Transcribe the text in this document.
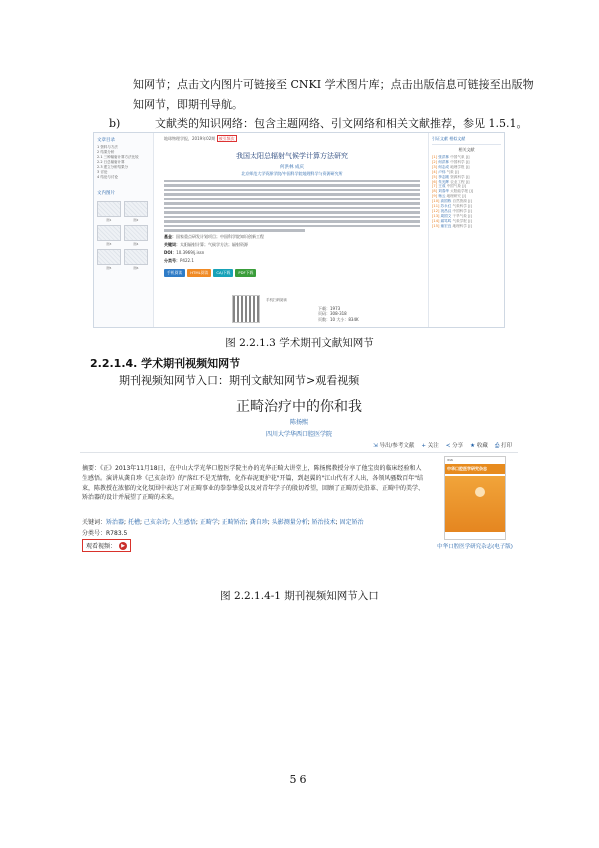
知网节；点击文内图片可链接至 CNKI 学术图片库；点击出版信息可链接至出版物
知网节，即期刊导航。
b)	文献类的知识网络：包含主题网络、引文网络和相关文献推荐，参见 1.5.1。
文章目录
1 资料与方法
2 结果分析
2.1 三种辐射计算方法比较
2.2 日总辐射计算
2.3 建立分析结果分
3 讨论
4 结论与讨论
文内图片
图1	图2
图3	图4
图5	图6
地球物理学报，2019年02期 被引频次
我国太阳总辐射气候学计算方法研究
何洪林 成庆
北京师范大学资源学院/中国科学院地理科学与资源研究所
基金：国家重点研发计划项目；中国科学院知识创新工程
关键词：太阳辐射计算；气候学方法；辐射资源
DOI：10.3969/j.issn
分类号：P422.1
手机阅读	HTML阅读	CAJ下载	PDF下载
手机扫码阅读
下载：1973
页码：308-318
页数：10 大小：834K
引证文献 相似文献
相关文献
[1] 张洪林 中国气象 [J]
[2] 何洪林 中国科学 [J]
[3] 何志成 地理学报 [J]
[4] 卢伟 气象 [J]
[5] 李志刚 资源科学 [J]
[6] 朱光辉 农业工程 [J]
[7] 王成 中国气象 [J]
[8] 刘春华 太阳能学报 [J]
[9] 杨云 地理研究 [J]
[10] 高国栋 自然资源 [J]
[11] 苏永红 气象科学 [J]
[12] 祝昌汉 中国科学 [J]
[13] 周国文 干旱气象 [J]
[14] 翁笃鸣 气象学报 [J]
[15] 童宏良 地理科学 [J]
图 2.2.1.3 学术期刊文献知网节
2.2.1.4. 学术期刊视频知网节
期刊视频知网节入口：期刊文献知网节>观看视频
正畸治疗中的你和我
陈扬熙
四川大学华西口腔医学院
⇲ 导出/参考文献 + 关注 ≺ 分享 ★ 收藏 ⎙ 打印
摘要：《正》2013年11月18日，在中山大学光华口腔医学院主办的光华正畸大讲堂上，陈扬熙教授分享了他宝贵的临床经验和人生感悟。演讲从龚自珍《己亥杂诗》的"落红不是无情物，化作春泥更护花"开篇，到赵翼的"江山代有才人出，各领风骚数百年"结束，陈教授在浓郁的文化氛围中表达了对正畸事业的拳拳挚爱以及对青年学子的殷切希望，回顾了正畸历史沿革、正畸中的美学、矫治器的设计并展望了正畸的未来。
关键词：矫治器; 托槽; 己亥杂诗; 人生感悟; 正畸学; 正畸矫治; 龚自珍; 头影测量分析; 矫治技术; 固定矫治
分类号：R783.5
观看视频：	▶
ISSN
中华口腔医学研究杂志
中华口腔医学研究杂志(电子版)
图 2.2.1.4-1 期刊视频知网节入口
56
